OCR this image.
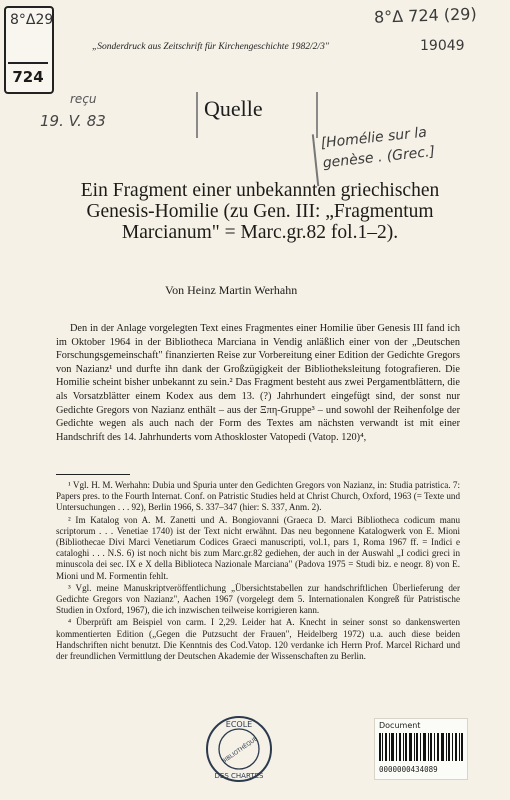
8°Δ29
724
8°Δ 724 (29)
19049
„Sonderdruck aus Zeitschrift für Kirchengeschichte 1982/2/3"
reçu
19. V. 83	Quelle
[Homélie sur la
genèse . (Grec.]
Ein Fragment einer unbekannten griechischen Genesis-Homilie (zu Gen. III: „Fragmentum Marcianum" = Marc.gr.82 fol.1–2).
Von Heinz Martin Werhahn

Den in der Anlage vorgelegten Text eines Fragmentes einer Homilie über Genesis III fand ich im Oktober 1964 in der Bibliotheca Marciana in Vendig anläßlich einer von der „Deutschen Forschungsgemeinschaft" finanzierten Reise zur Vorbereitung einer Edition der Gedichte Gregors von Nazianz¹ und durfte ihn dank der Großzügigkeit der Bibliotheksleitung fotografieren. Die Homilie scheint bisher unbekannt zu sein.² Das Fragment besteht aus zwei Pergamentblättern, die als Vorsatzblätter einem Kodex aus dem 13. (?) Jahrhundert eingefügt sind, der sonst nur Gedichte Gregors von Nazianz enthält – aus der Ξπη-Gruppe³ – und sowohl der Reihenfolge der Gedichte wegen als auch nach der Form des Textes am nächsten verwandt ist mit einer Handschrift des 14. Jahrhunderts vom Athoskloster Vatopedi (Vatop. 120)⁴,

¹ Vgl. H. M. Werhahn: Dubia und Spuria unter den Gedichten Gregors von Nazianz, in: Studia patristica. 7: Papers pres. to the Fourth Internat. Conf. on Patristic Studies held at Christ Church, Oxford, 1963 (= Texte und Untersuchungen . . . 92), Berlin 1966, S. 337–347 (hier: S. 337, Anm. 2).

² Im Katalog von A. M. Zanetti und A. Bongiovanni (Graeca D. Marci Bibliotheca codicum manu scriptorum . . . Venetiae 1740) ist der Text nicht erwähnt. Das neu begonnene Katalogwerk von E. Mioni (Bibliothecae Divi Marci Venetiarum Codices Graeci manuscripti, vol.1, pars 1, Roma 1967 ff. = Indici e cataloghi . . . N.S. 6) ist noch nicht bis zum Marc.gr.82 gediehen, der auch in der Auswahl „I codici greci in minuscola dei sec. IX e X della Biblioteca Nazionale Marciana" (Padova 1975 = Studi biz. e neogr. 8) von E. Mioni und M. Formentin fehlt.

³ Vgl. meine Manuskriptveröffentlichung „Übersichtstabellen zur handschriftlichen Überlieferung der Gedichte Gregors von Nazianz", Aachen 1967 (vorgelegt dem 5. Internationalen Kongreß für Patristische Studien in Oxford, 1967), die ich inzwischen teilweise korrigieren kann.

⁴ Überprüft am Beispiel von carm. I 2,29. Leider hat A. Knecht in seiner sonst so dankenswerten kommentierten Edition („Gegen die Putzsucht der Frauen", Heidelberg 1972) u.a. auch diese beiden Handschriften nicht benutzt. Die Kenntnis des Cod.Vatop. 120 verdanke ich Herrn Prof. Marcel Richard und der freundlichen Vermittlung der Deutschen Akademie der Wissenschaften zu Berlin.

ECOLE
BIBLIOTHÈQUE
DES CHARTES
Document
0000000434089
